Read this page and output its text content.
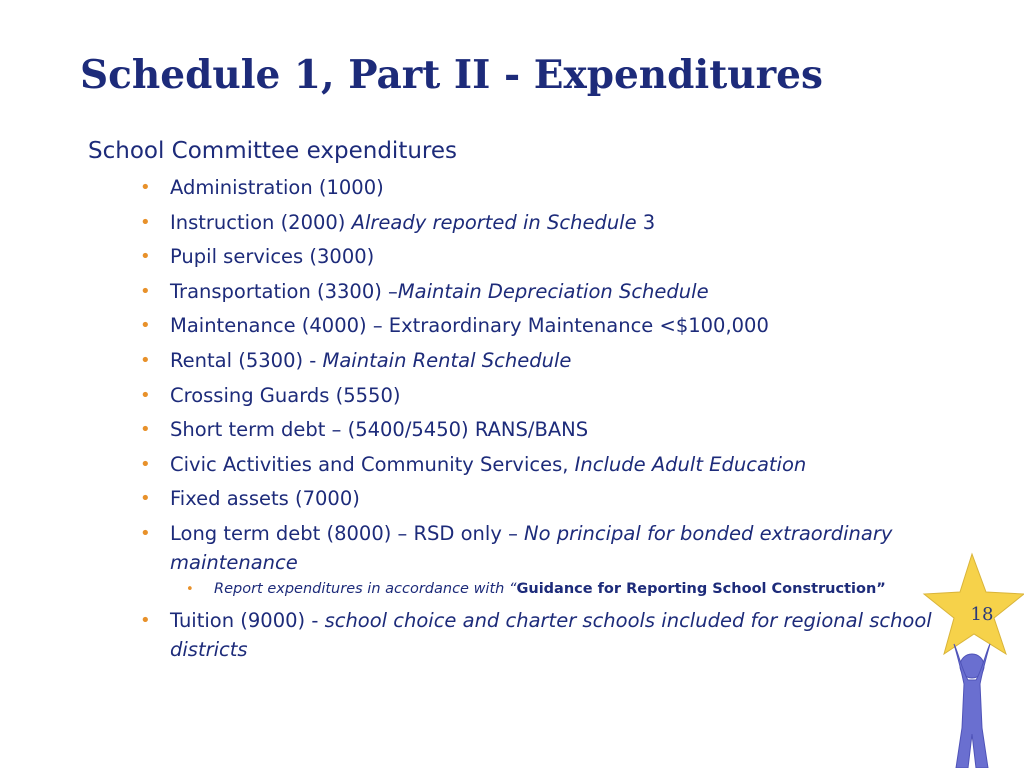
Schedule 1, Part II - Expenditures
School Committee expenditures
• Administration (1000)
• Instruction (2000) Already reported in Schedule 3
• Pupil services (3000)
• Transportation (3300) –Maintain Depreciation Schedule
• Maintenance (4000) – Extraordinary Maintenance <$100,000
• Rental (5300) - Maintain Rental Schedule
• Crossing Guards (5550)
• Short term debt – (5400/5450) RANS/BANS
• Civic Activities and Community Services, Include Adult Education
• Fixed assets (7000)
• Long term debt (8000) – RSD only – No principal for bonded extraordinary maintenance
• Report expenditures in accordance with “Guidance for Reporting School Construction”
• Tuition (9000) - school choice and charter schools included for regional school districts
18
